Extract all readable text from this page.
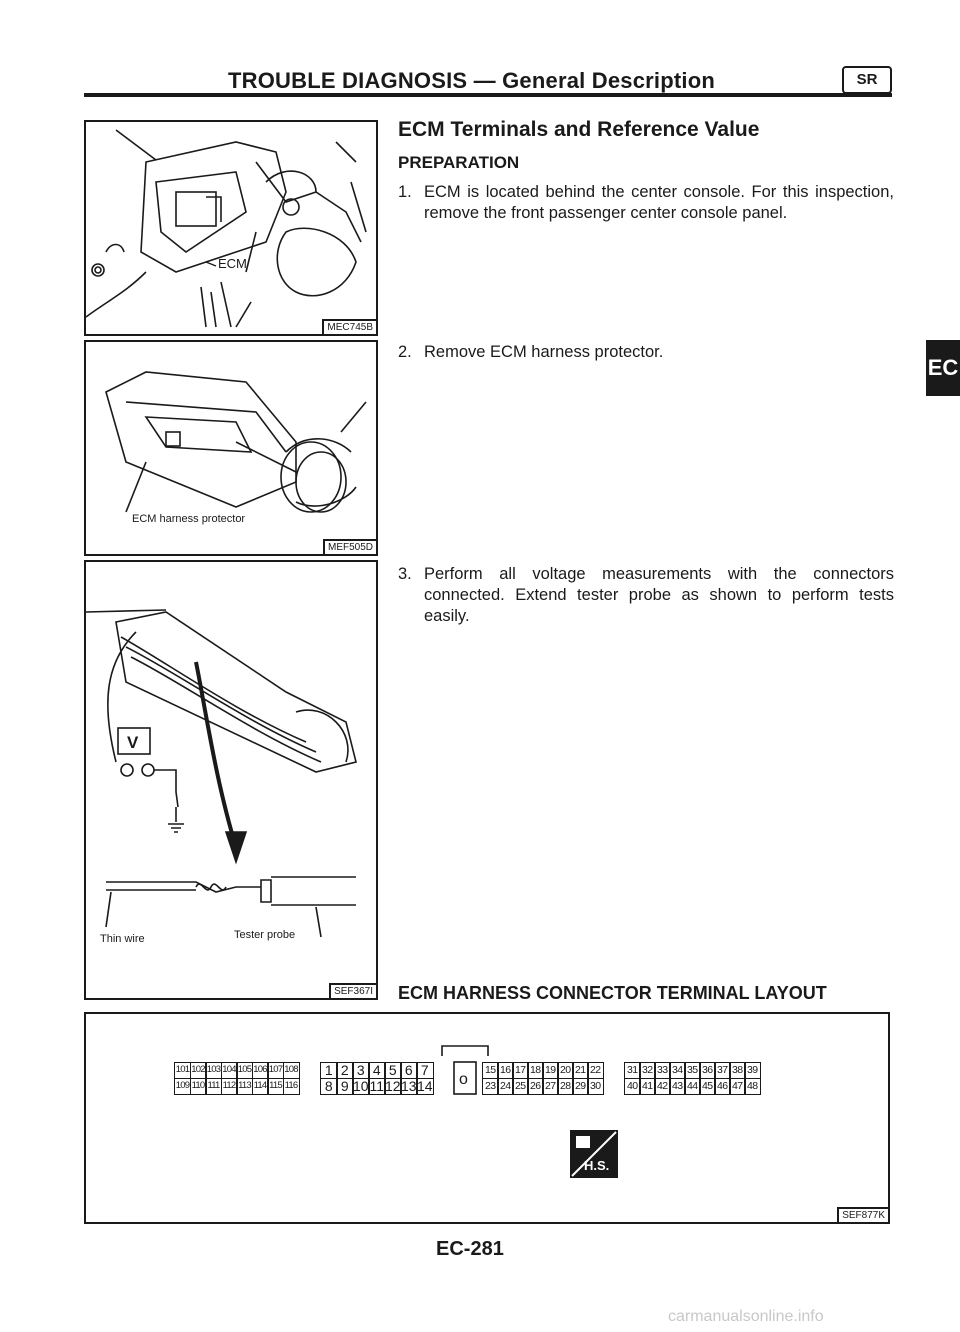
TROUBLE DIAGNOSIS — General Description	SR
EC
ECM
MEC745B
ECM harness protector
MEF505D
V
Thin wire	Tester probe
SEF367I
ECM Terminals and Reference Value
PREPARATION
1. ECM is located behind the center console. For this inspection, remove the front passenger center console panel.
2. Remove ECM harness protector.
3. Perform all voltage measurements with the connectors connected. Extend tester probe as shown to perform tests easily.
ECM HARNESS CONNECTOR TERMINAL LAYOUT
o
101 102 103 104 105 106 107 108
109 110 111 112 113 114 115 116
1 2 3 4 5 6 7
8 9 10 11 12 13 14
15 16 17 18 19 20 21 22
23 24 25 26 27 28 29 30
31 32 33 34 35 36 37 38 39
40 41 42 43 44 45 46 47 48
H.S.
SEF877K
EC-281
carmanualsonline.info
